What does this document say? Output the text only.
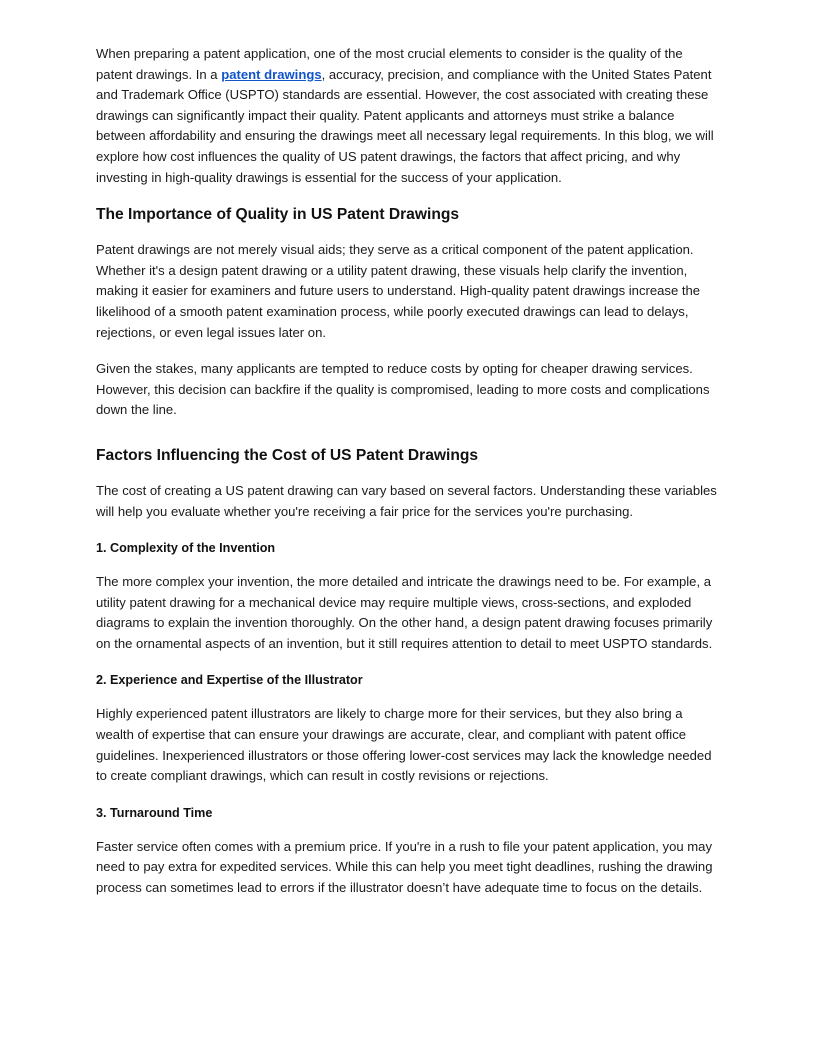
When preparing a patent application, one of the most crucial elements to consider is the quality of the patent drawings. In a patent drawings, accuracy, precision, and compliance with the United States Patent and Trademark Office (USPTO) standards are essential. However, the cost associated with creating these drawings can significantly impact their quality. Patent applicants and attorneys must strike a balance between affordability and ensuring the drawings meet all necessary legal requirements. In this blog, we will explore how cost influences the quality of US patent drawings, the factors that affect pricing, and why investing in high-quality drawings is essential for the success of your application.

The Importance of Quality in US Patent Drawings

Patent drawings are not merely visual aids; they serve as a critical component of the patent application. Whether it's a design patent drawing or a utility patent drawing, these visuals help clarify the invention, making it easier for examiners and future users to understand. High-quality patent drawings increase the likelihood of a smooth patent examination process, while poorly executed drawings can lead to delays, rejections, or even legal issues later on.

Given the stakes, many applicants are tempted to reduce costs by opting for cheaper drawing services. However, this decision can backfire if the quality is compromised, leading to more costs and complications down the line.

Factors Influencing the Cost of US Patent Drawings

The cost of creating a US patent drawing can vary based on several factors. Understanding these variables will help you evaluate whether you're receiving a fair price for the services you're purchasing.

1. Complexity of the Invention

The more complex your invention, the more detailed and intricate the drawings need to be. For example, a utility patent drawing for a mechanical device may require multiple views, cross-sections, and exploded diagrams to explain the invention thoroughly. On the other hand, a design patent drawing focuses primarily on the ornamental aspects of an invention, but it still requires attention to detail to meet USPTO standards.

2. Experience and Expertise of the Illustrator

Highly experienced patent illustrators are likely to charge more for their services, but they also bring a wealth of expertise that can ensure your drawings are accurate, clear, and compliant with patent office guidelines. Inexperienced illustrators or those offering lower-cost services may lack the knowledge needed to create compliant drawings, which can result in costly revisions or rejections.

3. Turnaround Time

Faster service often comes with a premium price. If you're in a rush to file your patent application, you may need to pay extra for expedited services. While this can help you meet tight deadlines, rushing the drawing process can sometimes lead to errors if the illustrator doesn’t have adequate time to focus on the details.
